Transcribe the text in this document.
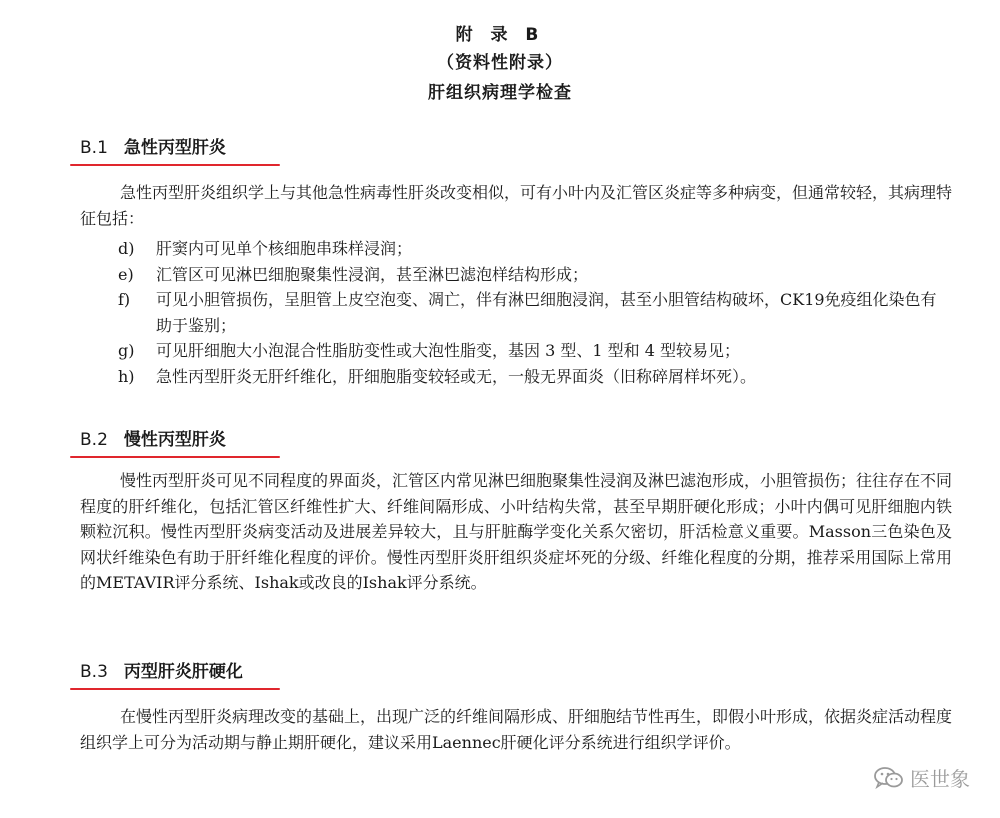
附 录 B
（资料性附录）
肝组织病理学检查
B.1 急性丙型肝炎

急性丙型肝炎组织学上与其他急性病毒性肝炎改变相似，可有小叶内及汇管区炎症等多种病变，但通常较轻，其病理特征包括：

d) 肝窦内可见单个核细胞串珠样浸润；
e) 汇管区可见淋巴细胞聚集性浸润，甚至淋巴滤泡样结构形成；
f) 可见小胆管损伤，呈胆管上皮空泡变、凋亡，伴有淋巴细胞浸润，甚至小胆管结构破坏，CK19免疫组化染色有助于鉴别；
g) 可见肝细胞大小泡混合性脂肪变性或大泡性脂变，基因 3 型、1 型和 4 型较易见；
h) 急性丙型肝炎无肝纤维化，肝细胞脂变较轻或无，一般无界面炎（旧称碎屑样坏死）。
B.2 慢性丙型肝炎

慢性丙型肝炎可见不同程度的界面炎，汇管区内常见淋巴细胞聚集性浸润及淋巴滤泡形成，小胆管损伤；往往存在不同程度的肝纤维化，包括汇管区纤维性扩大、纤维间隔形成、小叶结构失常，甚至早期肝硬化形成；小叶内偶可见肝细胞内铁颗粒沉积。慢性丙型肝炎病变活动及进展差异较大，且与肝脏酶学变化关系欠密切，肝活检意义重要。Masson三色染色及网状纤维染色有助于肝纤维化程度的评价。慢性丙型肝炎肝组织炎症坏死的分级、纤维化程度的分期，推荐采用国际上常用的METAVIR评分系统、Ishak或改良的Ishak评分系统。

B.3 丙型肝炎肝硬化

在慢性丙型肝炎病理改变的基础上，出现广泛的纤维间隔形成、肝细胞结节性再生，即假小叶形成，依据炎症活动程度组织学上可分为活动期与静止期肝硬化，建议采用Laennec肝硬化评分系统进行组织学评价。

医世象
